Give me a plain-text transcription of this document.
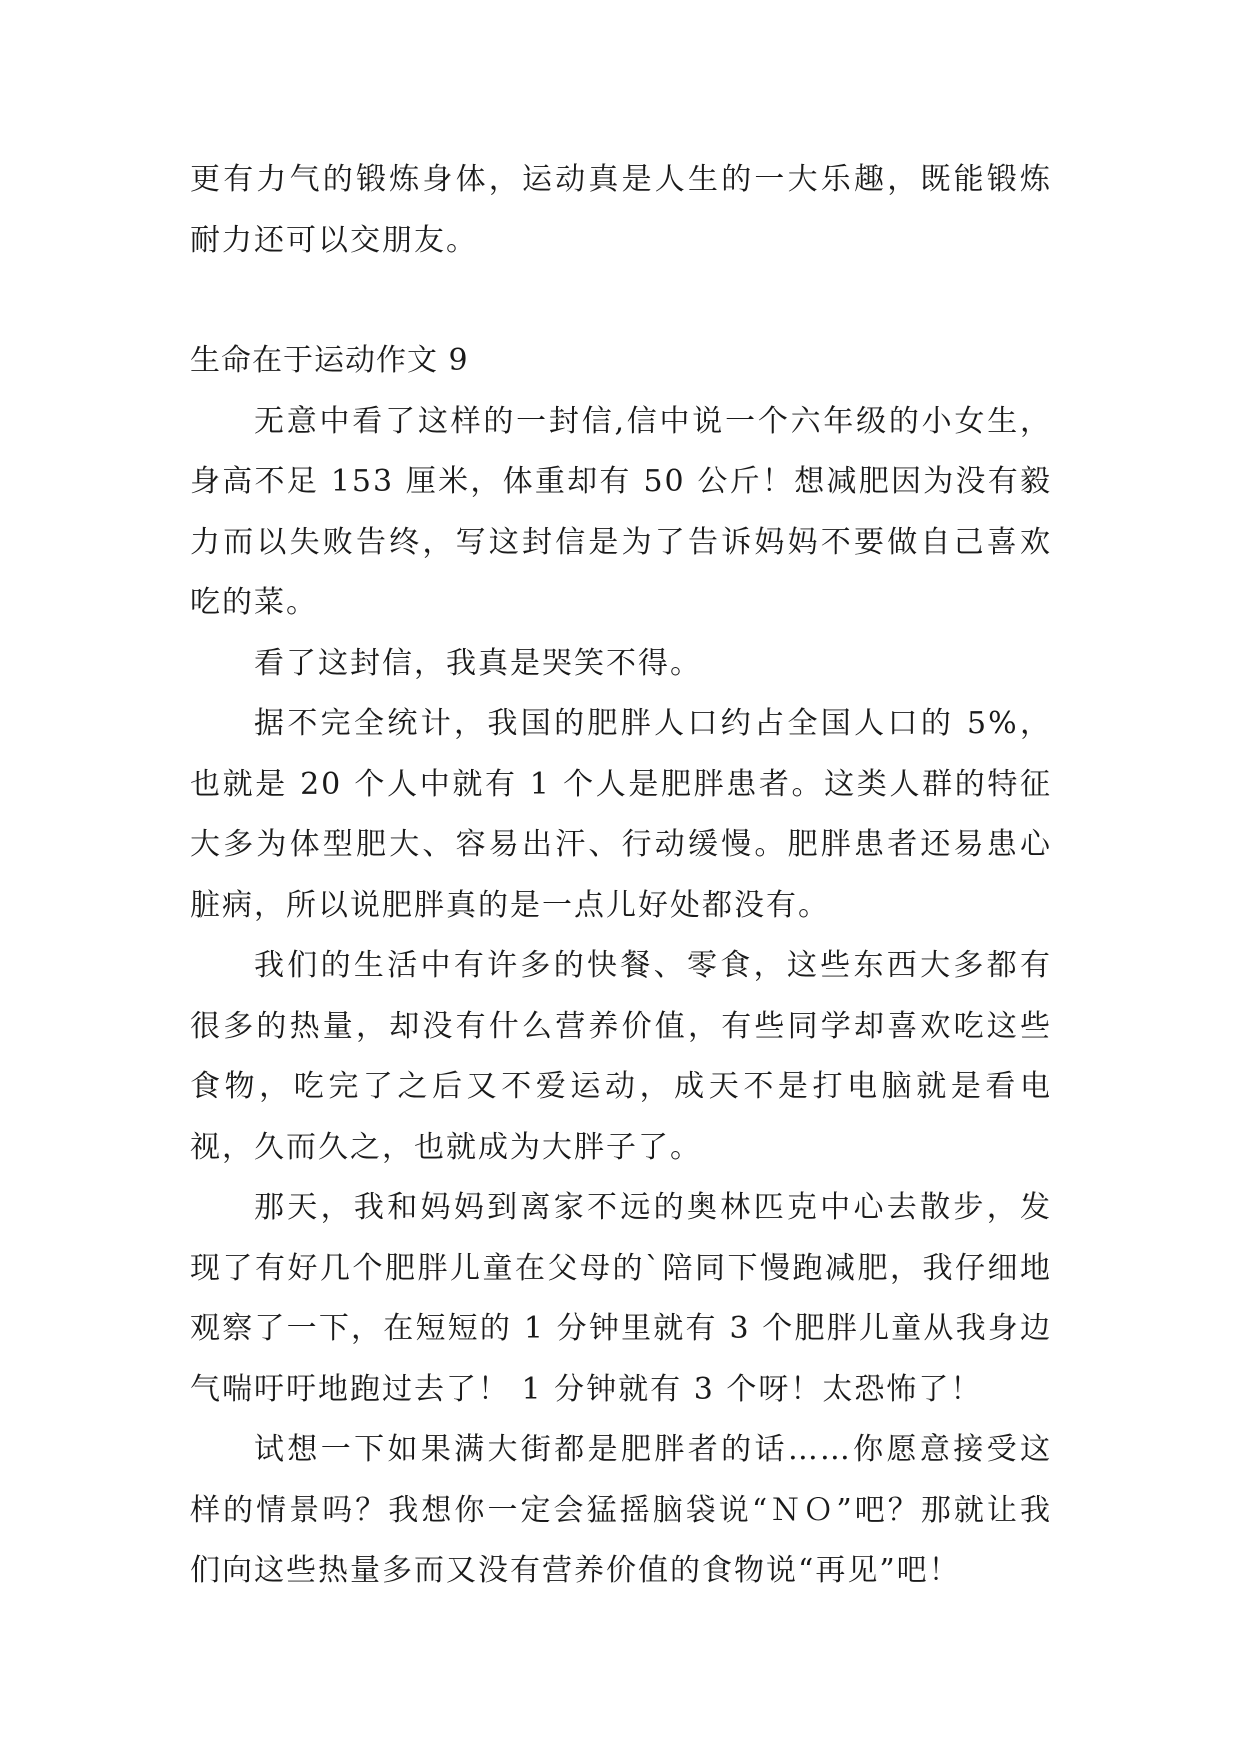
更有力气的锻炼身体，运动真是人生的一大乐趣，既能锻炼耐力还可以交朋友。

生命在于运动作文 9

无意中看了这样的一封信,信中说一个六年级的小女生，身高不足 153 厘米，体重却有 50 公斤！想减肥因为没有毅力而以失败告终，写这封信是为了告诉妈妈不要做自己喜欢吃的菜。

看了这封信，我真是哭笑不得。

据不完全统计，我国的肥胖人口约占全国人口的 5%，也就是 20 个人中就有 1 个人是肥胖患者。这类人群的特征大多为体型肥大、容易出汗、行动缓慢。肥胖患者还易患心脏病，所以说肥胖真的是一点儿好处都没有。

我们的生活中有许多的快餐、零食，这些东西大多都有很多的热量，却没有什么营养价值，有些同学却喜欢吃这些食物，吃完了之后又不爱运动，成天不是打电脑就是看电视，久而久之，也就成为大胖子了。

那天，我和妈妈到离家不远的奥林匹克中心去散步，发现了有好几个肥胖儿童在父母的`陪同下慢跑减肥，我仔细地观察了一下，在短短的 1 分钟里就有 3 个肥胖儿童从我身边气喘吁吁地跑过去了！ 1 分钟就有 3 个呀！太恐怖了！

试想一下如果满大街都是肥胖者的话……你愿意接受这样的情景吗？我想你一定会猛摇脑袋说“ＮＯ”吧？那就让我们向这些热量多而又没有营养价值的食物说“再见”吧！
